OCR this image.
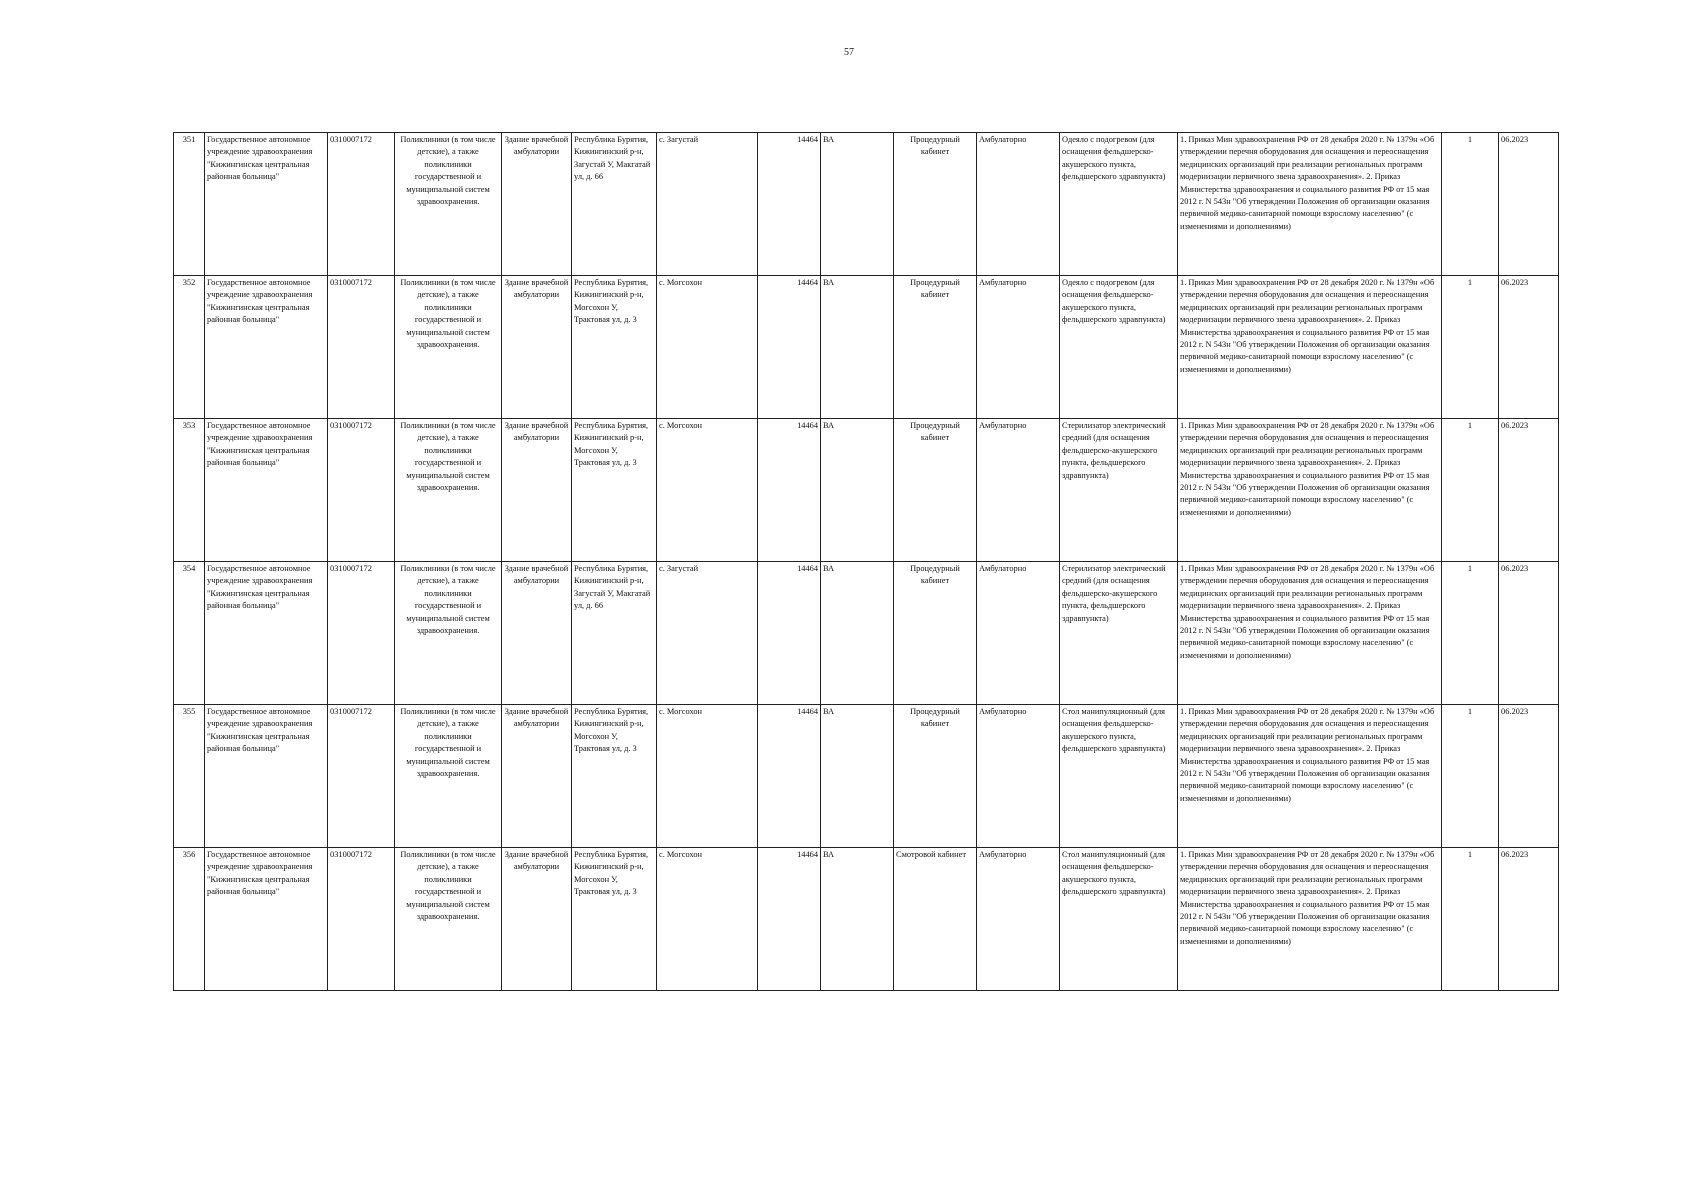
57
351	Государственное автономное учреждение здравоохранения "Кижингинская центральная районная больница"	0310007172	Поликлиники (в том числе детские), а также поликлиники государственной и муниципальной систем здравоохранения.	Здание врачебной амбулатории	Республика Бурятия, Кижингинский р-н, Загустай У, Макгатай ул, д. 66	с. Загустай	14464	ВА	Процедурный кабинет	Амбулаторно	Одеяло с подогревом (для оснащения фельдшерско-акушерского пункта, фельдшерского здравпункта)	1. Приказ Мин здравоохранения РФ от 28 декабря 2020 г. № 1379н «Об утверждении перечня оборудования для оснащения и переоснащения медицинских организаций при реализации региональных программ модернизации первичного звена здравоохранения». 2. Приказ Министерства здравоохранения и социального развития РФ от 15 мая 2012 г. N 543н "Об утверждении Положения об организации оказания первичной медико-санитарной помощи взрослому населению" (с изменениями и дополнениями)	1	06.2023
352	Государственное автономное учреждение здравоохранения "Кижингинская центральная районная больница"	0310007172	Поликлиники (в том числе детские), а также поликлиники государственной и муниципальной систем здравоохранения.	Здание врачебной амбулатории	Республика Бурятия, Кижингинский р-н, Могсохон У, Трактовая ул, д. 3	с. Могсохон	14464	ВА	Процедурный кабинет	Амбулаторно	Одеяло с подогревом (для оснащения фельдшерско-акушерского пункта, фельдшерского здравпункта)	1. Приказ Мин здравоохранения РФ от 28 декабря 2020 г. № 1379н «Об утверждении перечня оборудования для оснащения и переоснащения медицинских организаций при реализации региональных программ модернизации первичного звена здравоохранения». 2. Приказ Министерства здравоохранения и социального развития РФ от 15 мая 2012 г. N 543н "Об утверждении Положения об организации оказания первичной медико-санитарной помощи взрослому населению" (с изменениями и дополнениями)	1	06.2023
353	Государственное автономное учреждение здравоохранения "Кижингинская центральная районная больница"	0310007172	Поликлиники (в том числе детские), а также поликлиники государственной и муниципальной систем здравоохранения.	Здание врачебной амбулатории	Республика Бурятия, Кижингинский р-н, Могсохон У, Трактовая ул, д. 3	с. Могсохон	14464	ВА	Процедурный кабинет	Амбулаторно	Стерилизатор электрический средний (для оснащения фельдшерско-акушерского пункта, фельдшерского здравпункта)	1. Приказ Мин здравоохранения РФ от 28 декабря 2020 г. № 1379н «Об утверждении перечня оборудования для оснащения и переоснащения медицинских организаций при реализации региональных программ модернизации первичного звена здравоохранения». 2. Приказ Министерства здравоохранения и социального развития РФ от 15 мая 2012 г. N 543н "Об утверждении Положения об организации оказания первичной медико-санитарной помощи взрослому населению" (с изменениями и дополнениями)	1	06.2023
354	Государственное автономное учреждение здравоохранения "Кижингинская центральная районная больница"	0310007172	Поликлиники (в том числе детские), а также поликлиники государственной и муниципальной систем здравоохранения.	Здание врачебной амбулатории	Республика Бурятия, Кижингинский р-н, Загустай У, Макгатай ул, д. 66	с. Загустай	14464	ВА	Процедурный кабинет	Амбулаторно	Стерилизатор электрический средний (для оснащения фельдшерско-акушерского пункта, фельдшерского здравпункта)	1. Приказ Мин здравоохранения РФ от 28 декабря 2020 г. № 1379н «Об утверждении перечня оборудования для оснащения и переоснащения медицинских организаций при реализации региональных программ модернизации первичного звена здравоохранения». 2. Приказ Министерства здравоохранения и социального развития РФ от 15 мая 2012 г. N 543н "Об утверждении Положения об организации оказания первичной медико-санитарной помощи взрослому населению" (с изменениями и дополнениями)	1	06.2023
355	Государственное автономное учреждение здравоохранения "Кижингинская центральная районная больница"	0310007172	Поликлиники (в том числе детские), а также поликлиники государственной и муниципальной систем здравоохранения.	Здание врачебной амбулатории	Республика Бурятия, Кижингинский р-н, Могсохон У, Трактовая ул, д. 3	с. Могсохон	14464	ВА	Процедурный кабинет	Амбулаторно	Стол манипуляционный (для оснащения фельдшерско-акушерского пункта, фельдшерского здравпункта)	1. Приказ Мин здравоохранения РФ от 28 декабря 2020 г. № 1379н «Об утверждении перечня оборудования для оснащения и переоснащения медицинских организаций при реализации региональных программ модернизации первичного звена здравоохранения». 2. Приказ Министерства здравоохранения и социального развития РФ от 15 мая 2012 г. N 543н "Об утверждении Положения об организации оказания первичной медико-санитарной помощи взрослому населению" (с изменениями и дополнениями)	1	06.2023
356	Государственное автономное учреждение здравоохранения "Кижингинская центральная районная больница"	0310007172	Поликлиники (в том числе детские), а также поликлиники государственной и муниципальной систем здравоохранения.	Здание врачебной амбулатории	Республика Бурятия, Кижингинский р-н, Могсохон У, Трактовая ул, д. 3	с. Могсохон	14464	ВА	Смотровой кабинет	Амбулаторно	Стол манипуляционный (для оснащения фельдшерско-акушерского пункта, фельдшерского здравпункта)	1. Приказ Мин здравоохранения РФ от 28 декабря 2020 г. № 1379н «Об утверждении перечня оборудования для оснащения и переоснащения медицинских организаций при реализации региональных программ модернизации первичного звена здравоохранения». 2. Приказ Министерства здравоохранения и социального развития РФ от 15 мая 2012 г. N 543н "Об утверждении Положения об организации оказания первичной медико-санитарной помощи взрослому населению" (с изменениями и дополнениями)	1	06.2023
